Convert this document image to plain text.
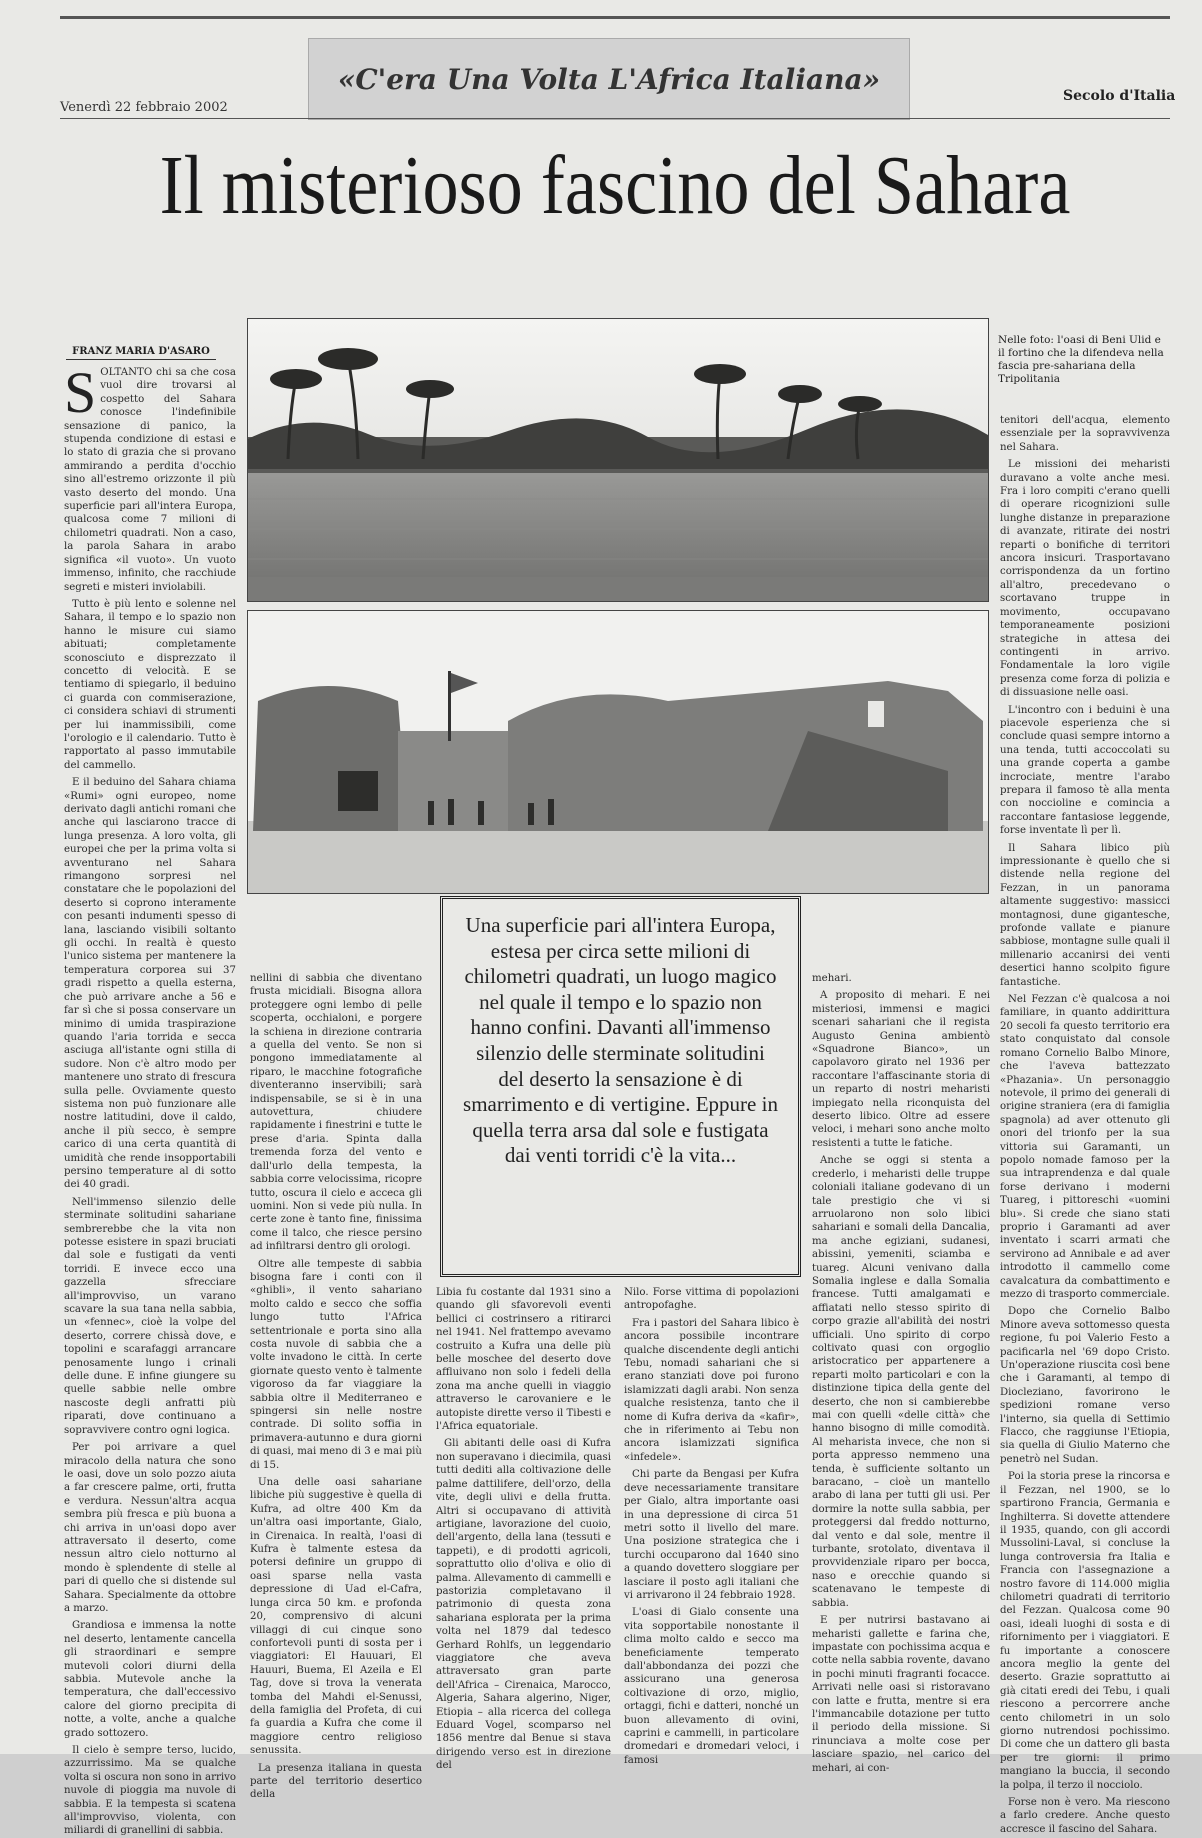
«C'era Una Volta L'Africa Italiana»
Venerdì 22 febbraio 2002
Secolo d'Italia
Il misterioso fascino del Sahara
FRANZ MARIA D'ASARO
Nelle foto: l'oasi di Beni Ulid e il fortino che la difendeva nella fascia pre-sahariana della Tripolitania
S OLTANTO chi sa che cosa vuol dire trovarsi al cospetto del Sahara conosce l'indefinibile sensazione di panico, la stupenda condizione di estasi e lo stato di grazia che si provano ammirando a perdita d'occhio sino all'estremo orizzonte il più vasto deserto del mondo. Una superficie pari all'intera Europa, qualcosa come 7 milioni di chilometri quadrati. Non a caso, la parola Sahara in arabo significa «il vuoto». Un vuoto immenso, infinito, che racchiude segreti e misteri inviolabili.

Tutto è più lento e solenne nel Sahara, il tempo e lo spazio non hanno le misure cui siamo abituati; completamente sconosciuto e disprezzato il concetto di velocità. E se tentiamo di spiegarlo, il beduino ci guarda con commiserazione, ci considera schiavi di strumenti per lui inammissibili, come l'orologio e il calendario. Tutto è rapportato al passo immutabile del cammello.

E il beduino del Sahara chiama «Rumi» ogni europeo, nome derivato dagli antichi romani che anche qui lasciarono tracce di lunga presenza. A loro volta, gli europei che per la prima volta si avventurano nel Sahara rimangono sorpresi nel constatare che le popolazioni del deserto si coprono interamente con pesanti indumenti spesso di lana, lasciando visibili soltanto gli occhi. In realtà è questo l'unico sistema per mantenere la temperatura corporea sui 37 gradi rispetto a quella esterna, che può arrivare anche a 56 e far sì che si possa conservare un minimo di umida traspirazione quando l'aria torrida e secca asciuga all'istante ogni stilla di sudore. Non c'è altro modo per mantenere uno strato di frescura sulla pelle. Ovviamente questo sistema non può funzionare alle nostre latitudini, dove il caldo, anche il più secco, è sempre carico di una certa quantità di umidità che rende insopportabili persino temperature al di sotto dei 40 gradi.

Nell'immenso silenzio delle sterminate solitudini sahariane sembrerebbe che la vita non potesse esistere in spazi bruciati dal sole e fustigati da venti torridi. E invece ecco una gazzella sfrecciare all'improvviso, un varano scavare la sua tana nella sabbia, un «fennec», cioè la volpe del deserto, correre chissà dove, e topolini e scarafaggi arrancare penosamente lungo i crinali delle dune. E infine giungere su quelle sabbie nelle ombre nascoste degli anfratti più riparati, dove continuano a sopravvivere contro ogni logica.

Per poi arrivare a quel miracolo della natura che sono le oasi, dove un solo pozzo aiuta a far crescere palme, orti, frutta e verdura. Nessun'altra acqua sembra più fresca e più buona a chi arriva in un'oasi dopo aver attraversato il deserto, come nessun altro cielo notturno al mondo è splendente di stelle al pari di quello che si distende sul Sahara. Specialmente da ottobre a marzo.

Grandiosa e immensa la notte nel deserto, lentamente cancella gli straordinari e sempre mutevoli colori diurni della sabbia. Mutevole anche la temperatura, che dall'eccessivo calore del giorno precipita di notte, a volte, anche a qualche grado sottozero.

Il cielo è sempre terso, lucido, azzurrissimo. Ma se qualche volta si oscura non sono in arrivo nuvole di pioggia ma nuvole di sabbia. E la tempesta si scatena all'improvviso, violenta, con miliardi di granellini di sabbia.

nellini di sabbia che diventano frusta micidiali. Bisogna allora proteggere ogni lembo di pelle scoperta, occhialoni, e porgere la schiena in direzione contraria a quella del vento. Se non si pongono immediatamente al riparo, le macchine fotografiche diventeranno inservibili; sarà indispensabile, se si è in una autovettura, chiudere rapidamente i finestrini e tutte le prese d'aria. Spinta dalla tremenda forza del vento e dall'urlo della tempesta, la sabbia corre velocissima, ricopre tutto, oscura il cielo e acceca gli uomini. Non si vede più nulla. In certe zone è tanto fine, finissima come il talco, che riesce persino ad infiltrarsi dentro gli orologi.

Oltre alle tempeste di sabbia bisogna fare i conti con il «ghibli», il vento sahariano molto caldo e secco che soffia lungo tutto l'Africa settentrionale e porta sino alla costa nuvole di sabbia che a volte invadono le città. In certe giornate questo vento è talmente vigoroso da far viaggiare la sabbia oltre il Mediterraneo e spingersi sin nelle nostre contrade. Di solito soffia in primavera-autunno e dura giorni di quasi, mai meno di 3 e mai più di 15.

Una delle oasi sahariane libiche più suggestive è quella di Kufra, ad oltre 400 Km da un'altra oasi importante, Gialo, in Cirenaica. In realtà, l'oasi di Kufra è talmente estesa da potersi definire un gruppo di oasi sparse nella vasta depressione di Uad el-Cafra, lunga circa 50 km. e profonda 20, comprensivo di alcuni villaggi di cui cinque sono confortevoli punti di sosta per i viaggiatori: El Hauuari, El Hauuri, Buema, El Azeila e El Tag, dove si trova la venerata tomba del Mahdi el-Senussi, della famiglia del Profeta, di cui fa guardia a Kufra che come il maggiore centro religioso senussita.

La presenza italiana in questa parte del territorio desertico della

Una superficie pari all'intera Europa, estesa per circa sette milioni di chilometri quadrati, un luogo magico nel quale il tempo e lo spazio non hanno confini. Davanti all'immenso silenzio delle sterminate solitudini del deserto la sensazione è di smarrimento e di vertigine. Eppure in quella terra arsa dal sole e fustigata dai venti torridi c'è la vita...

Libia fu costante dal 1931 sino a quando gli sfavorevoli eventi bellici ci costrinsero a ritirarci nel 1941. Nel frattempo avevamo costruito a Kufra una delle più belle moschee del deserto dove affluivano non solo i fedeli della zona ma anche quelli in viaggio attraverso le carovaniere e le autopiste dirette verso il Tibesti e l'Africa equatoriale.

Gli abitanti delle oasi di Kufra non superavano i diecimila, quasi tutti dediti alla coltivazione delle palme dattilifere, dell'orzo, della vite, degli ulivi e della frutta. Altri si occupavano di attività artigiane, lavorazione del cuoio, dell'argento, della lana (tessuti e tappeti), e di prodotti agricoli, soprattutto olio d'oliva e olio di palma. Allevamento di cammelli e pastorizia completavano il patrimonio di questa zona sahariana esplorata per la prima volta nel 1879 dal tedesco Gerhard Rohlfs, un leggendario viaggiatore che aveva attraversato gran parte dell'Africa – Cirenaica, Marocco, Algeria, Sahara algerino, Niger, Etiopia – alla ricerca del collega Eduard Vogel, scomparso nel 1856 mentre dal Benue si stava dirigendo verso est in direzione del

Nilo. Forse vittima di popolazioni antropofaghe.

Fra i pastori del Sahara libico è ancora possibile incontrare qualche discendente degli antichi Tebu, nomadi sahariani che si erano stanziati dove poi furono islamizzati dagli arabi. Non senza qualche resistenza, tanto che il nome di Kufra deriva da «kafir», che in riferimento ai Tebu non ancora islamizzati significa «infedele».

Chi parte da Bengasi per Kufra deve necessariamente transitare per Gialo, altra importante oasi in una depressione di circa 51 metri sotto il livello del mare. Una posizione strategica che i turchi occuparono dal 1640 sino a quando dovettero sloggiare per lasciare il posto agli italiani che vi arrivarono il 24 febbraio 1928.

L'oasi di Gialo consente una vita sopportabile nonostante il clima molto caldo e secco ma beneficiamente temperato dall'abbondanza dei pozzi che assicurano una generosa coltivazione di orzo, miglio, ortaggi, fichi e datteri, nonché un buon allevamento di ovini, caprini e cammelli, in particolare dromedari e dromedari veloci, i famosi

mehari.

A proposito di mehari. E nei misteriosi, immensi e magici scenari sahariani che il regista Augusto Genina ambientò «Squadrone Bianco», un capolavoro girato nel 1936 per raccontare l'affascinante storia di un reparto di nostri meharisti impiegato nella riconquista del deserto libico. Oltre ad essere veloci, i mehari sono anche molto resistenti a tutte le fatiche.

Anche se oggi si stenta a crederlo, i meharisti delle truppe coloniali italiane godevano di un tale prestigio che vi si arruolarono non solo libici sahariani e somali della Dancalia, ma anche egiziani, sudanesi, abissini, yemeniti, sciamba e tuareg. Alcuni venivano dalla Somalia inglese e dalla Somalia francese. Tutti amalgamati e affiatati nello stesso spirito di corpo grazie all'abilità dei nostri ufficiali. Uno spirito di corpo coltivato quasi con orgoglio aristocratico per appartenere a reparti molto particolari e con la distinzione tipica della gente del deserto, che non si cambierebbe mai con quelli «delle città» che hanno bisogno di mille comodità. Al meharista invece, che non si porta appresso nemmeno una tenda, è sufficiente soltanto un baracano, – cioè un mantello arabo di lana per tutti gli usi. Per dormire la notte sulla sabbia, per proteggersi dal freddo notturno, dal vento e dal sole, mentre il turbante, srotolato, diventava il provvidenziale riparo per bocca, naso e orecchie quando si scatenavano le tempeste di sabbia.

E per nutrirsi bastavano ai meharisti gallette e farina che, impastate con pochissima acqua e cotte nella sabbia rovente, davano in pochi minuti fragranti focacce. Arrivati nelle oasi si ristoravano con latte e frutta, mentre si era l'immancabile dotazione per tutto il periodo della missione. Si rinunciava a molte cose per lasciare spazio, nel carico del mehari, ai con-

tenitori dell'acqua, elemento essenziale per la sopravvivenza nel Sahara.

Le missioni dei meharisti duravano a volte anche mesi. Fra i loro compiti c'erano quelli di operare ricognizioni sulle lunghe distanze in preparazione di avanzate, ritirate dei nostri reparti o bonifiche di territori ancora insicuri. Trasportavano corrispondenza da un fortino all'altro, precedevano o scortavano truppe in movimento, occupavano temporaneamente posizioni strategiche in attesa dei contingenti in arrivo. Fondamentale la loro vigile presenza come forza di polizia e di dissuasione nelle oasi.

L'incontro con i beduini è una piacevole esperienza che si conclude quasi sempre intorno a una tenda, tutti accoccolati su una grande coperta a gambe incrociate, mentre l'arabo prepara il famoso tè alla menta con noccioline e comincia a raccontare fantasiose leggende, forse inventate lì per lì.

Il Sahara libico più impressionante è quello che si distende nella regione del Fezzan, in un panorama altamente suggestivo: massicci montagnosi, dune gigantesche, profonde vallate e pianure sabbiose, montagne sulle quali il millenario accanirsi dei venti desertici hanno scolpito figure fantastiche.

Nel Fezzan c'è qualcosa a noi familiare, in quanto addirittura 20 secoli fa questo territorio era stato conquistato dal console romano Cornelio Balbo Minore, che l'aveva battezzato «Phazania». Un personaggio notevole, il primo dei generali di origine straniera (era di famiglia spagnola) ad aver ottenuto gli onori del trionfo per la sua vittoria sui Garamanti, un popolo nomade famoso per la sua intraprendenza e dal quale forse derivano i moderni Tuareg, i pittoreschi «uomini blu». Si crede che siano stati proprio i Garamanti ad aver inventato i scarri armati che servirono ad Annibale e ad aver introdotto il cammello come cavalcatura da combattimento e mezzo di trasporto commerciale.

Dopo che Cornelio Balbo Minore aveva sottomesso questa regione, fu poi Valerio Festo a pacificarla nel '69 dopo Cristo. Un'operazione riuscita così bene che i Garamanti, al tempo di Diocleziano, favorirono le spedizioni romane verso l'interno, sia quella di Settimio Flacco, che raggiunse l'Etiopia, sia quella di Giulio Materno che penetrò nel Sudan.

Poi la storia prese la rincorsa e il Fezzan, nel 1900, se lo spartirono Francia, Germania e Inghilterra. Si dovette attendere il 1935, quando, con gli accordi Mussolini-Laval, si concluse la lunga controversia fra Italia e Francia con l'assegnazione a nostro favore di 114.000 miglia chilometri quadrati di territorio del Fezzan. Qualcosa come 90 oasi, ideali luoghi di sosta e di rifornimento per i viaggiatori. E fu importante a conoscere ancora meglio la gente del deserto. Grazie soprattutto ai già citati eredi dei Tebu, i quali riescono a percorrere anche cento chilometri in un solo giorno nutrendosi pochissimo. Di come che un dattero gli basta per tre giorni: il primo mangiano la buccia, il secondo la polpa, il terzo il nocciolo.

Forse non è vero. Ma riescono a farlo credere. Anche questo accresce il fascino del Sahara.
